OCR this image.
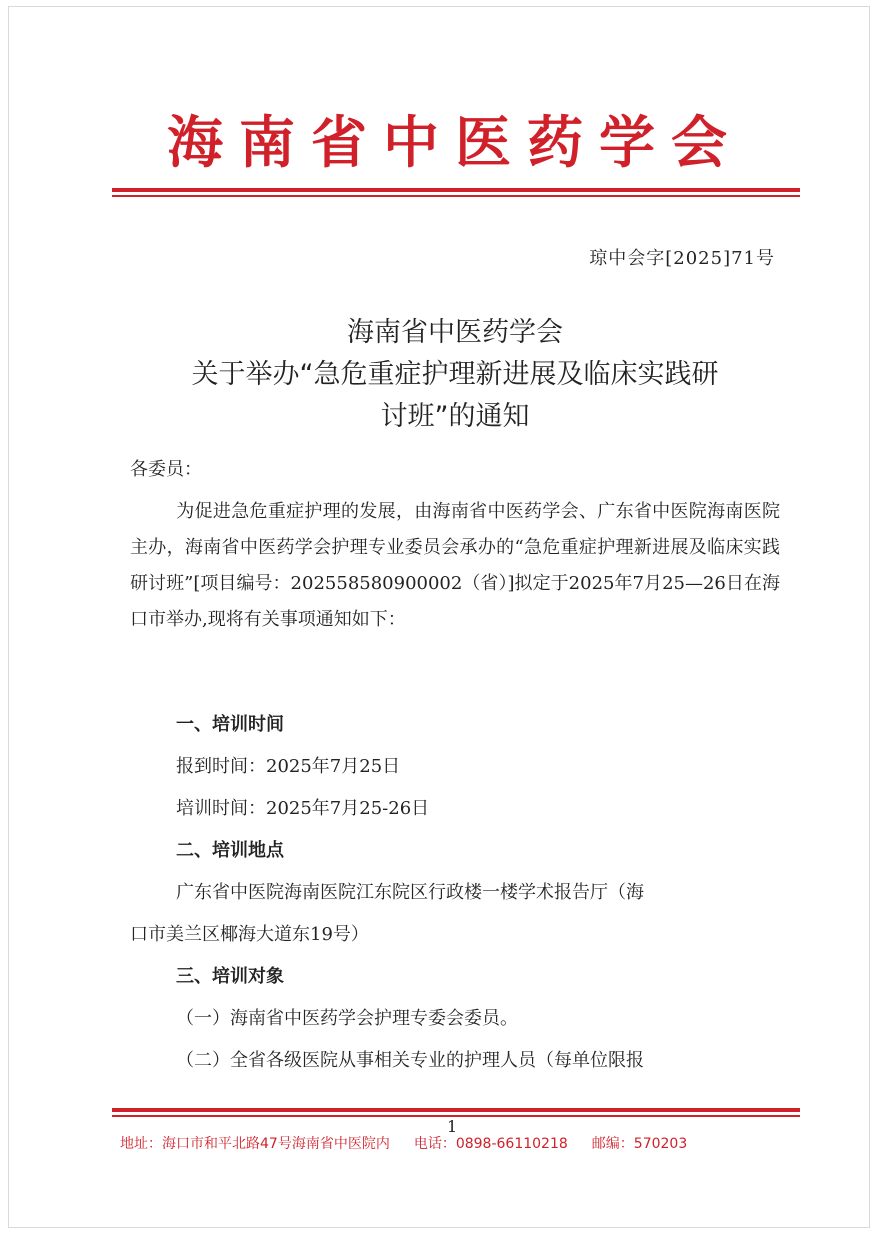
海南省中医药学会
琼中会字[2025]71号
海南省中医药学会
关于举办“急危重症护理新进展及临床实践研
讨班”的通知
各委员：
为促进急危重症护理的发展，由海南省中医药学会、广东省中医院海南医院主办，海南省中医药学会护理专业委员会承办的“急危重症护理新进展及临床实践研讨班”[项目编号：202558580900002（省）]拟定于2025年7月25—26日在海口市举办,现将有关事项通知如下：
一、培训时间
报到时间：2025年7月25日
培训时间：2025年7月25-26日
二、培训地点
广东省中医院海南医院江东院区行政楼一楼学术报告厅（海
口市美兰区椰海大道东19号）
三、培训对象
（一）海南省中医药学会护理专委会委员。
（二）全省各级医院从事相关专业的护理人员（每单位限报
1
地址：海口市和平北路47号海南省中医院内 电话：0898-66110218 邮编：570203
